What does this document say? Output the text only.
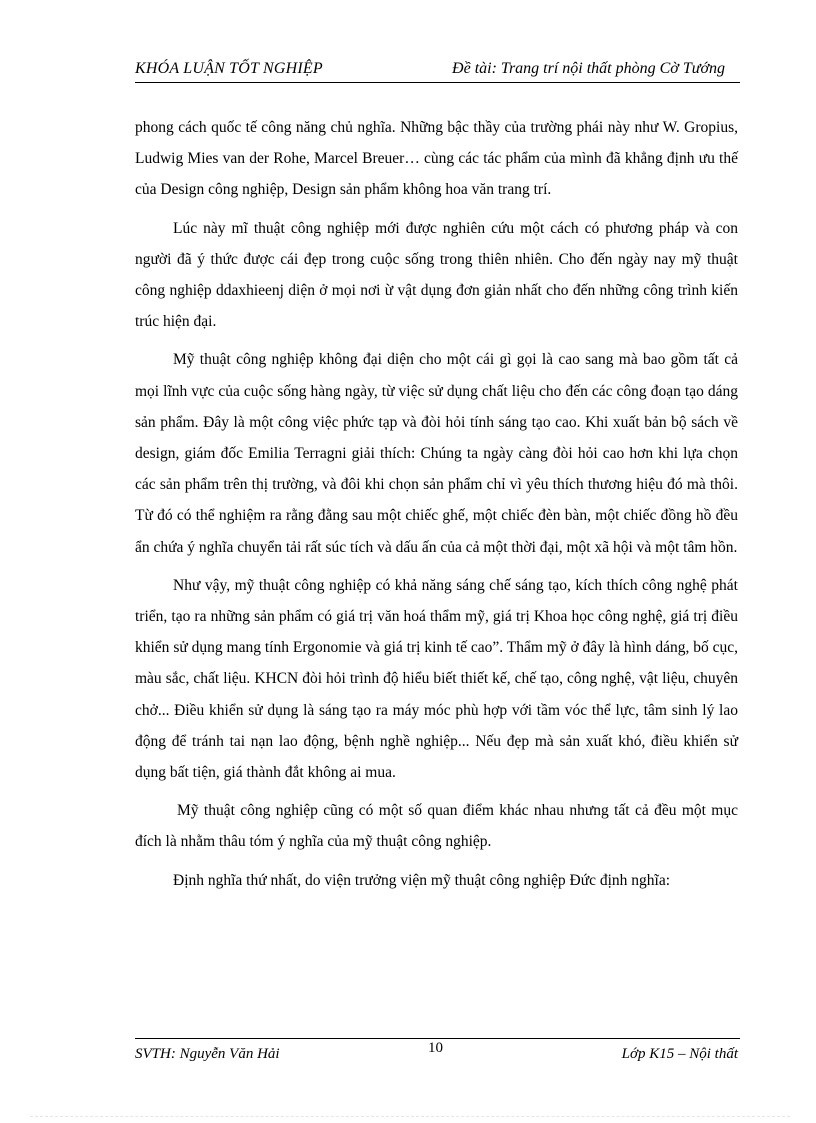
KHÓA LUẬN TỐT NGHIỆP	Đề tài: Trang trí nội thất phòng Cờ Tướng

phong cách quốc tế công năng chủ nghĩa. Những bậc thầy của trường phái này như W. Gropius, Ludwig Mies van der Rohe, Marcel Breuer… cùng các tác phẩm của mình đã khẳng định ưu thế của Design công nghiệp, Design sản phẩm không hoa văn trang trí.

Lúc này mĩ thuật công nghiệp mới được nghiên cứu một cách có phương pháp và con người đã ý thức được cái đẹp trong cuộc sống trong thiên nhiên. Cho đến ngày nay mỹ thuật công nghiệp ddaxhieenj diện ở mọi nơi ừ vật dụng đơn giản nhất cho đến những công trình kiến trúc hiện đại.

Mỹ thuật công nghiệp không đại diện cho một cái gì gọi là cao sang mà bao gồm tất cả mọi lĩnh vực của cuộc sống hàng ngày, từ việc sử dụng chất liệu cho đến các công đoạn tạo dáng sản phẩm. Đây là một công việc phức tạp và đòi hỏi tính sáng tạo cao. Khi xuất bản bộ sách về design, giám đốc Emilia Terragni giải thích: Chúng ta ngày càng đòi hỏi cao hơn khi lựa chọn các sản phẩm trên thị trường, và đôi khi chọn sản phẩm chỉ vì yêu thích thương hiệu đó mà thôi. Từ đó có thể nghiệm ra rằng đằng sau một chiếc ghế, một chiếc đèn bàn, một chiếc đồng hồ đều ẩn chứa ý nghĩa chuyển tải rất súc tích và dấu ấn của cả một thời đại, một xã hội và một tâm hồn.

Như vậy, mỹ thuật công nghiệp có khả năng sáng chế sáng tạo, kích thích công nghệ phát triển, tạo ra những sản phẩm có giá trị văn hoá thẩm mỹ, giá trị Khoa học công nghệ, giá trị điều khiển sử dụng mang tính Ergonomie và giá trị kinh tế cao”. Thẩm mỹ ở đây là hình dáng, bố cục, màu sắc, chất liệu. KHCN đòi hỏi trình độ hiểu biết thiết kế, chế tạo, công nghệ, vật liệu, chuyên chở... Điều khiển sử dụng là sáng tạo ra máy móc phù hợp với tầm vóc thể lực, tâm sinh lý lao động để tránh tai nạn lao động, bệnh nghề nghiệp... Nếu đẹp mà sản xuất khó, điều khiển sử dụng bất tiện, giá thành đắt không ai mua.

Mỹ thuật công nghiệp cũng có một số quan điểm khác nhau nhưng tất cả đều một mục đích là nhằm thâu tóm ý nghĩa của mỹ thuật công nghiệp.

Định nghĩa thứ nhất, do viện trưởng viện mỹ thuật công nghiệp Đức định nghĩa:

SVTH: Nguyễn Văn Hải	10	Lớp K15 – Nội thất
